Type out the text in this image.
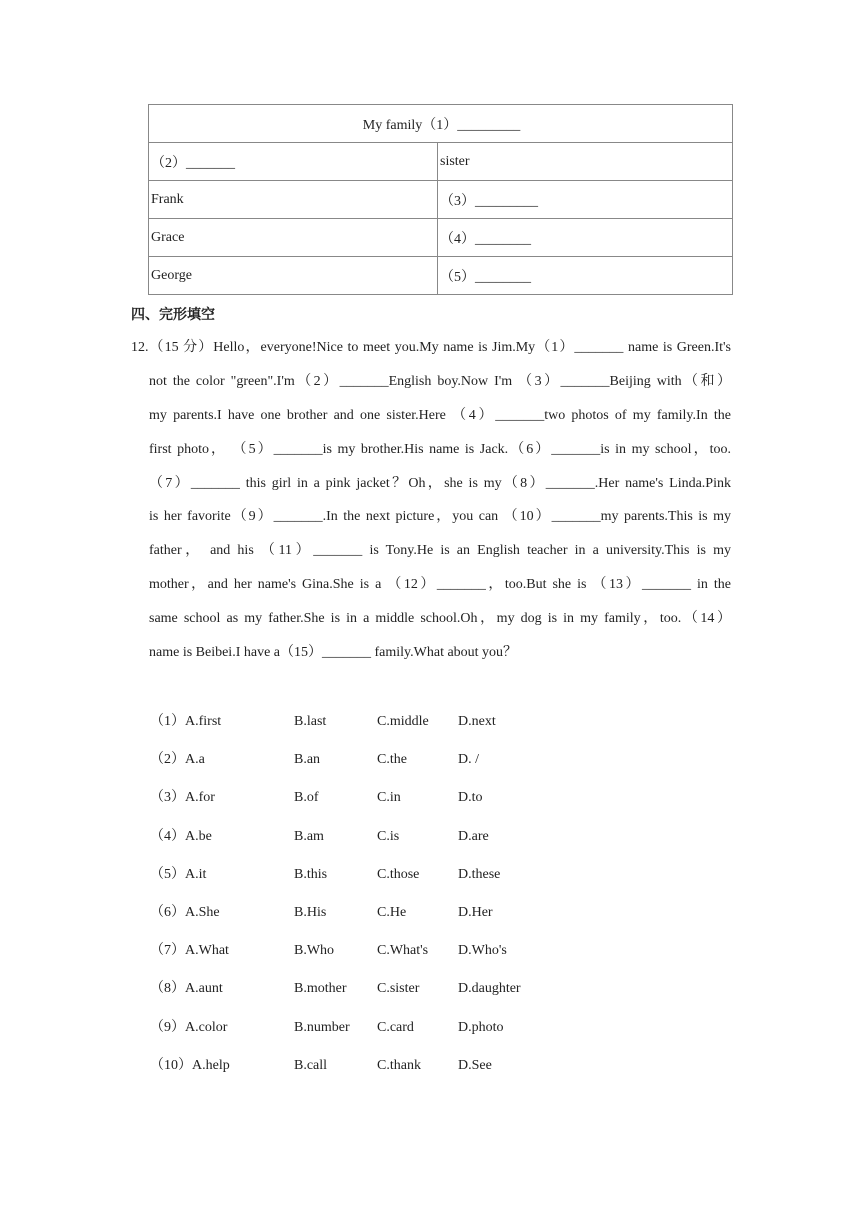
My family（1）_________	
（2）_______	sister
Frank	（3）_________
Grace	（4）________
George	（5）________
四、完形填空
12.（15 分）Hello，everyone!Nice to meet you.My name is Jim.My（1）_______ name is Green.It's
not the color "green".I'm（2）_______English boy.Now I'm （3）_______Beijing with（和）
my parents.I have one brother and one sister.Here （4）_______two photos of my family.In the
first photo， （5）_______is my brother.His name is Jack.（6）_______is in my school，too.
（7）_______ this girl in a pink jacket？Oh，she is my（8）_______.Her name's Linda.Pink
is her favorite（9）_______.In the next picture，you can （10）_______my parents.This is my
father， and his （11）_______ is Tony.He is an English teacher in a university.This is my
mother，and her name's Gina.She is a （12）_______，too.But she is （13）_______ in the
same school as my father.She is in a middle school.Oh，my dog is in my family，too.（14）
name is Beibei.I have a（15）_______ family.What about you？
（1）A.first	B.last	C.middle D.next
（2）A.a	B.an	C.the	D. /
（3）A.for	B.of	C.in	D.to
（4）A.be	B.am	C.is	D.are
（5）A.it	B.this	C.those	D.these
（6）A.She	B.His	C.He	D.Her
（7）A.What	B.Who	C.What's D.Who's
（8）A.aunt	B.mother C.sister	D.daughter
（9）A.color	B.number C.card	D.photo
（10）A.help	B.call	C.thank	D.See
